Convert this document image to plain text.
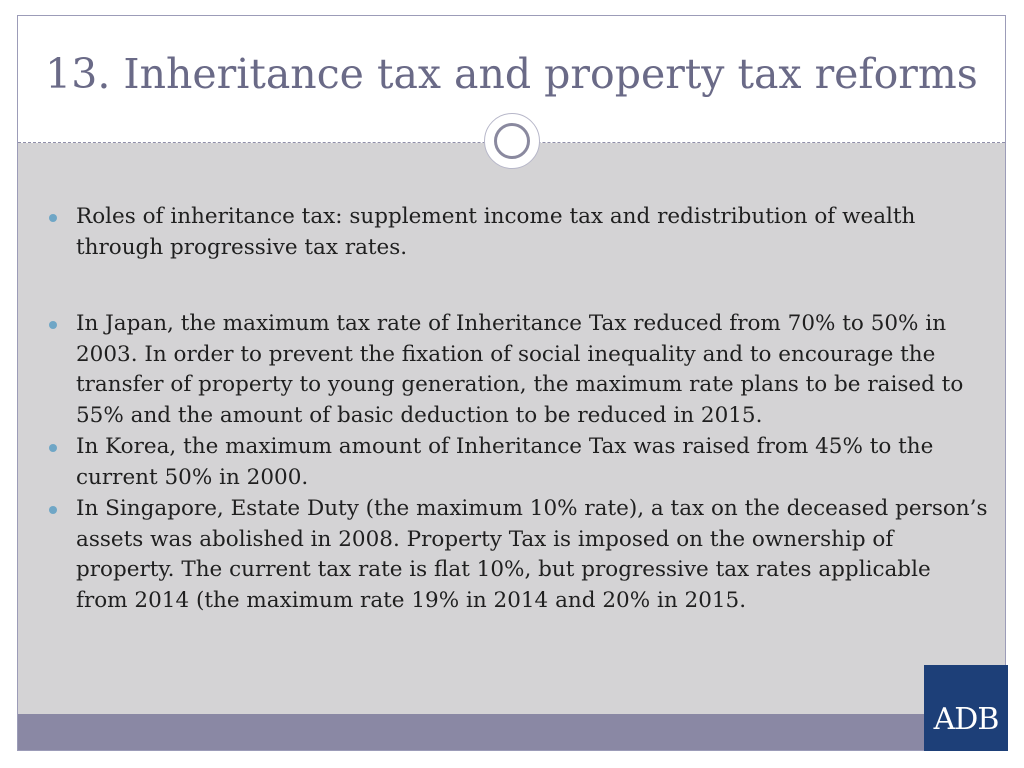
13. Inheritance tax and property tax reforms

Roles of inheritance tax: supplement income tax and redistribution of wealth through progressive tax rates.

In Japan, the maximum tax rate of Inheritance Tax reduced from 70% to 50% in 2003. In order to prevent the fixation of social inequality and to encourage the transfer of property to young generation, the maximum rate plans to be raised to 55% and the amount of basic deduction to be reduced in 2015.

In Korea, the maximum amount of Inheritance Tax was raised from 45% to the current 50% in 2000.

In Singapore, Estate Duty (the maximum 10% rate), a tax on the deceased person’s assets was abolished in 2008. Property Tax is imposed on the ownership of property. The current tax rate is flat 10%, but progressive tax rates applicable from 2014 (the maximum rate 19% in 2014 and 20% in 2015.

ADB
